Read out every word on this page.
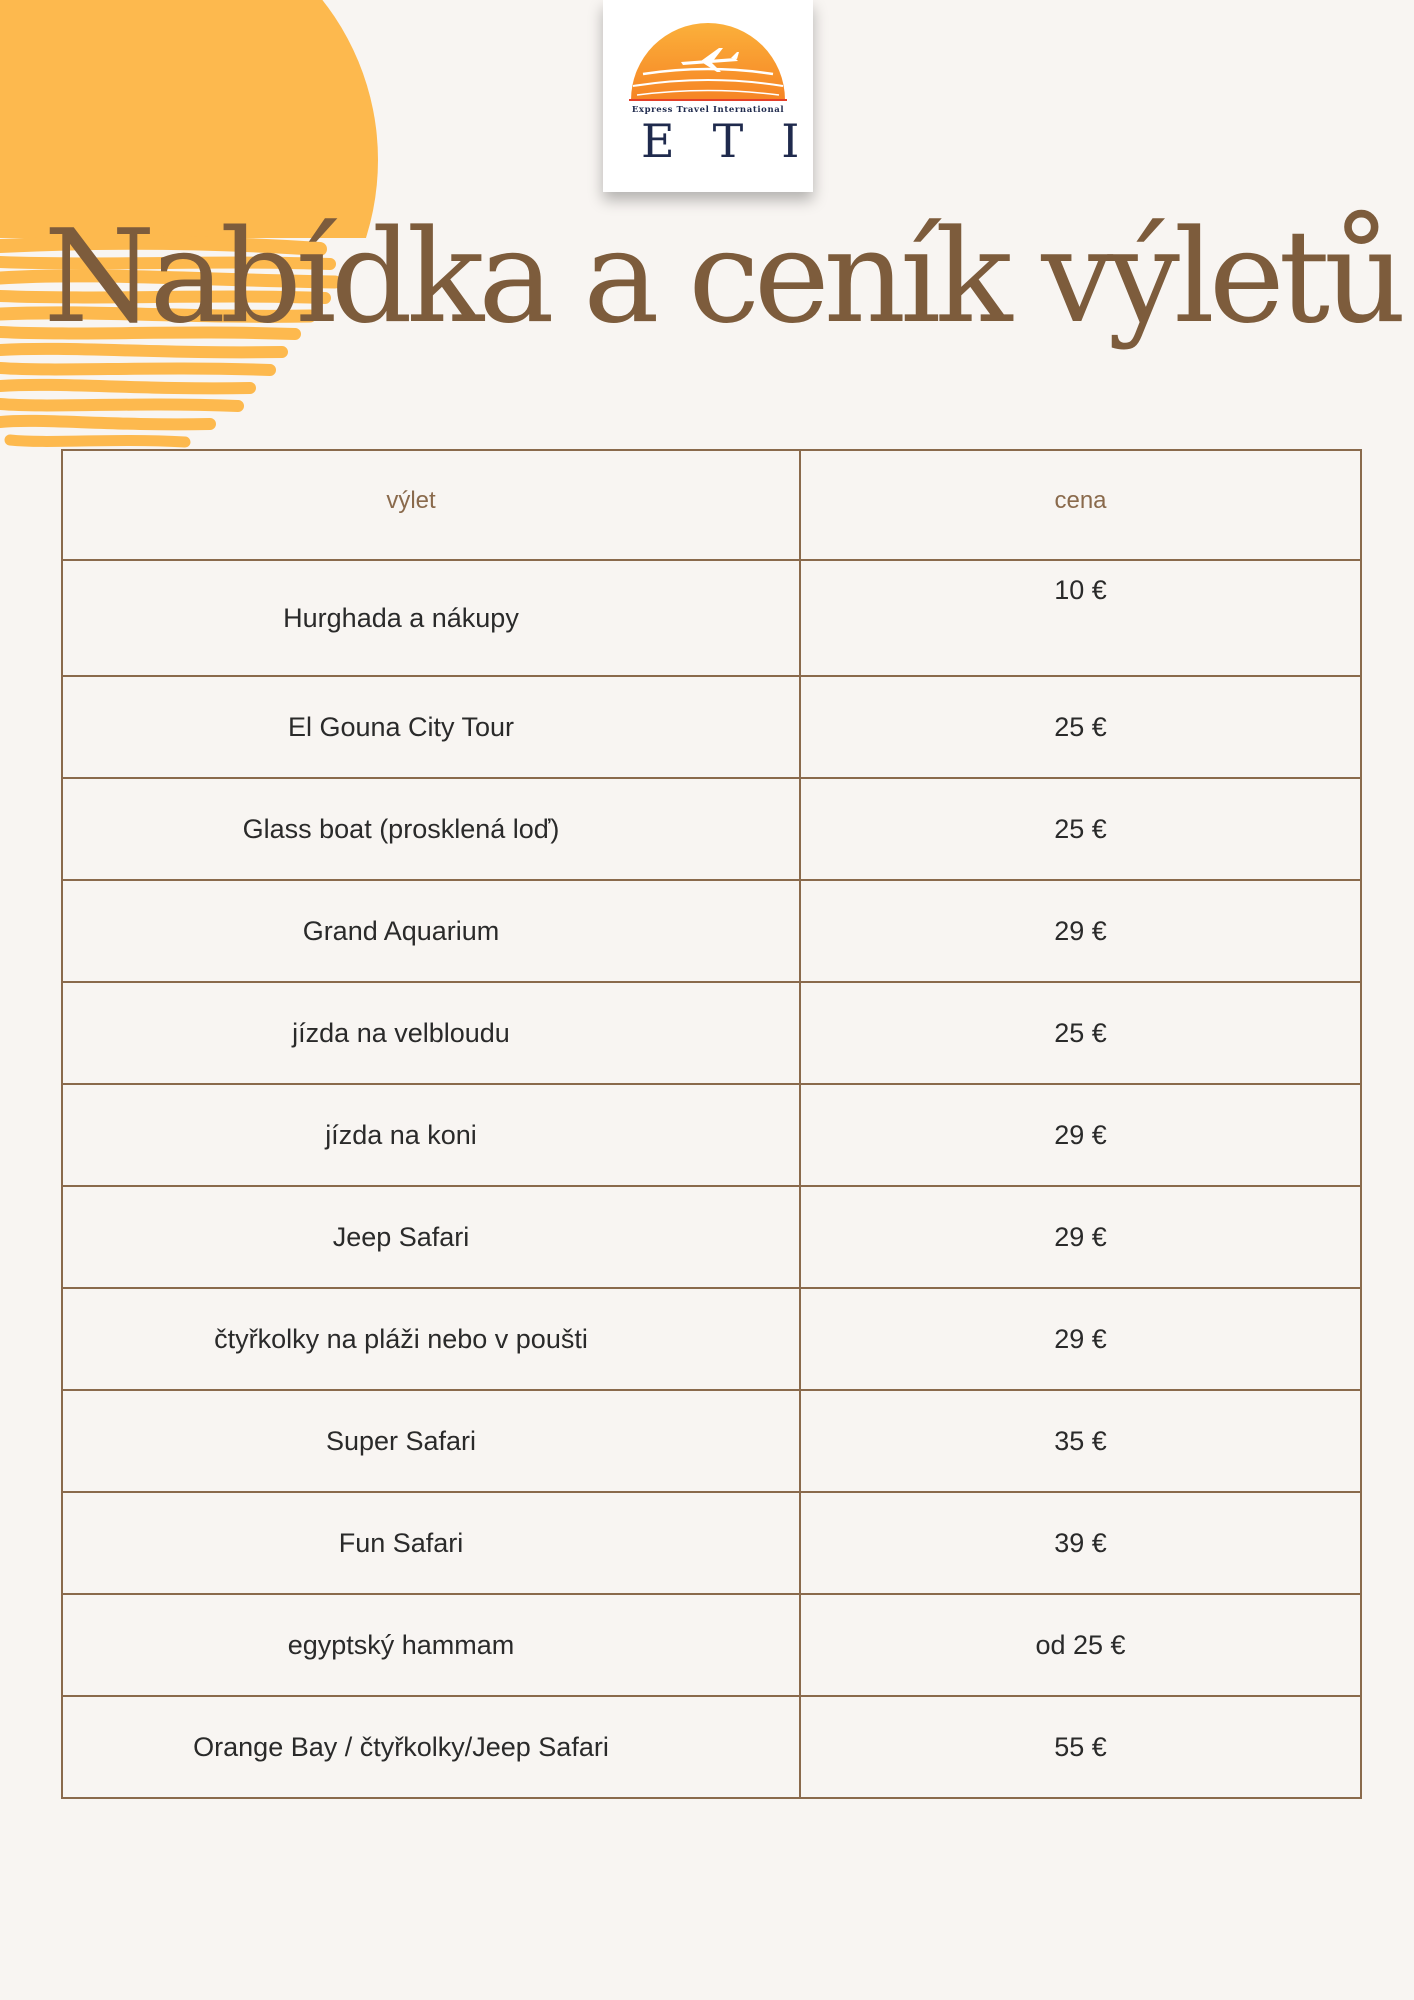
Express Travel International
ETI
Nabídka a ceník výletů
výlet	cena
Hurghada a nákupy	10 €
El Gouna City Tour	25 €
Glass boat (prosklená loď)	25 €
Grand Aquarium	29 €
jízda na velbloudu	25 €
jízda na koni	29 €
Jeep Safari	29 €
čtyřkolky na pláži nebo v poušti	29 €
Super Safari	35 €
Fun Safari	39 €
egyptský hammam	od 25 €
Orange Bay / čtyřkolky/Jeep Safari	55 €
